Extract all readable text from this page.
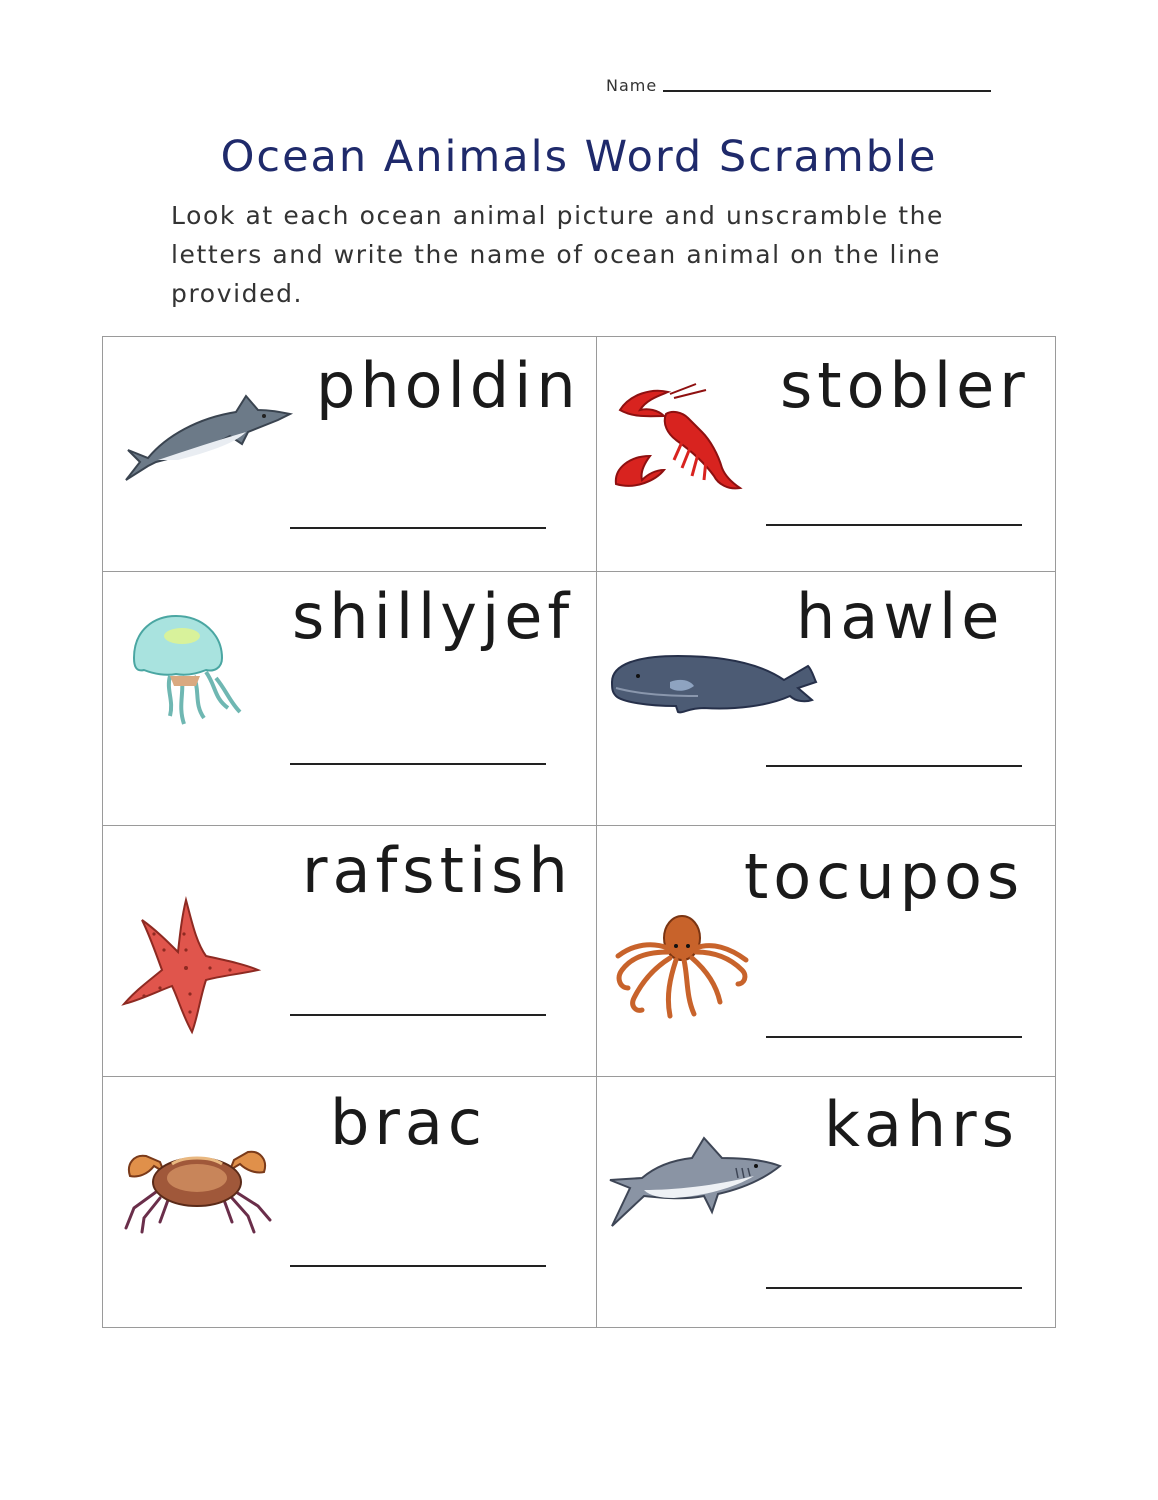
Name
Ocean Animals Word Scramble

Look at each ocean animal picture and unscramble the letters and write the name of ocean animal on the line provided.

pholdin	stobler
shillyjef	hawle
rafstish	tocupos
brac	kahrs
